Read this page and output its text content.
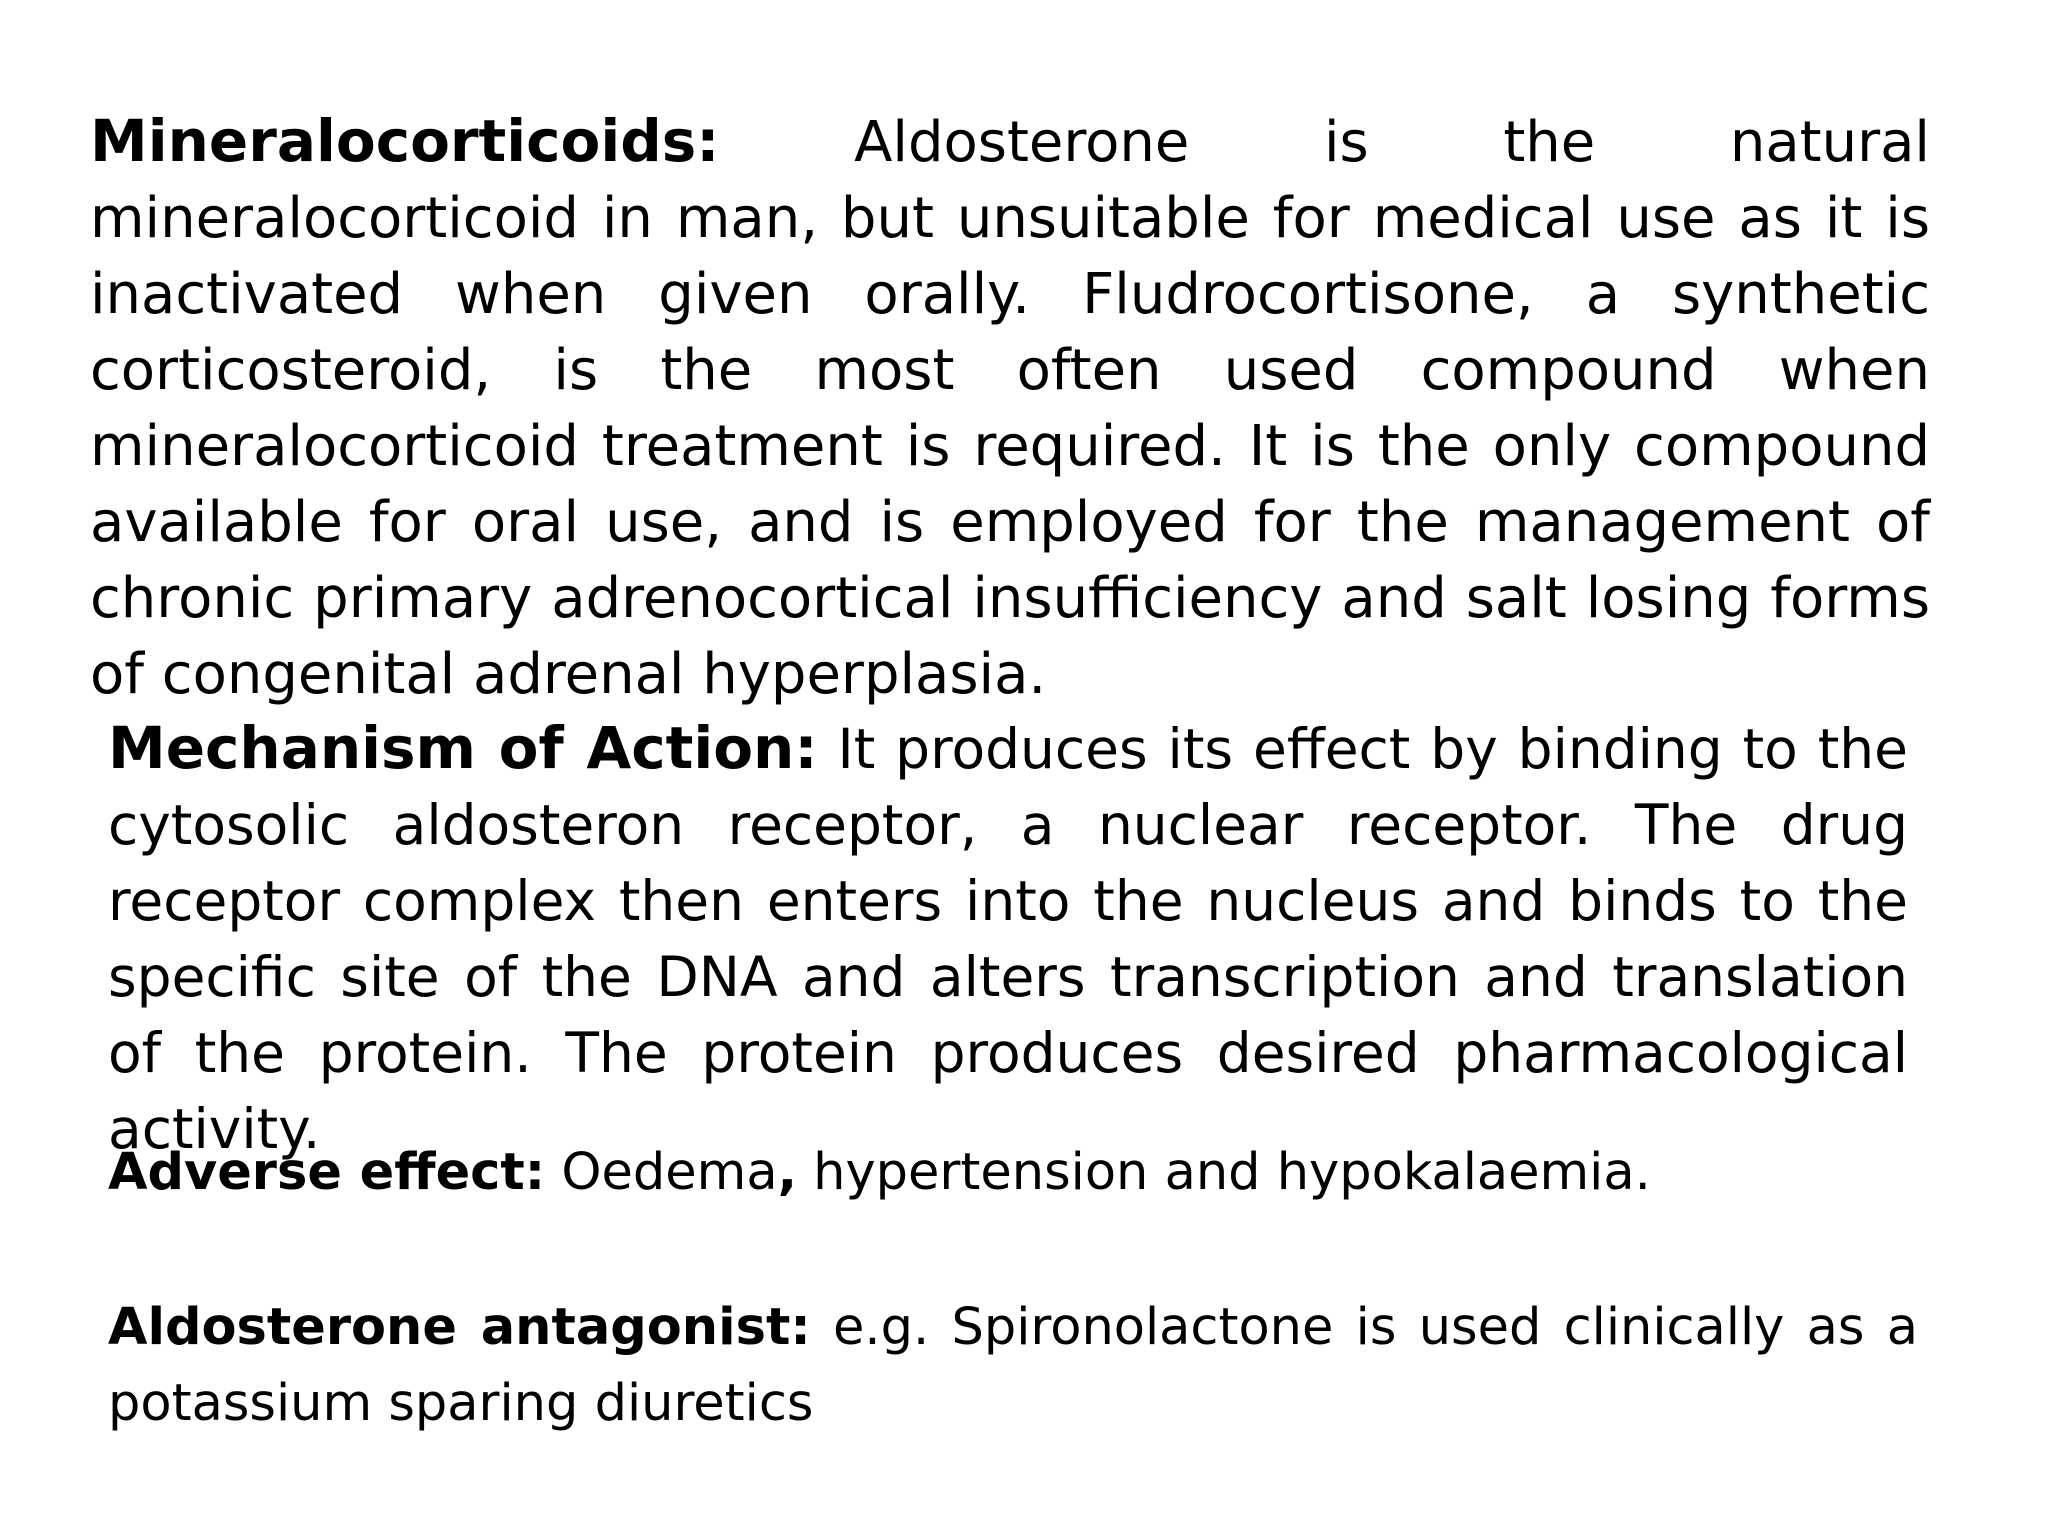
Mineralocorticoids: Aldosterone is the natural mineralocorticoid in man, but unsuitable for medical use as it is inactivated when given orally. Fludrocortisone, a synthetic corticosteroid, is the most often used compound when mineralocorticoid treatment is required. It is the only compound available for oral use, and is employed for the management of chronic primary adrenocortical insufficiency and salt losing forms of congenital adrenal hyperplasia.

Mechanism of Action: It produces its effect by binding to the cytosolic aldosteron receptor, a nuclear receptor. The drug receptor complex then enters into the nucleus and binds to the specific site of the DNA and alters transcription and translation of the protein. The protein produces desired pharmacological activity.

Adverse effect: Oedema, hypertension and hypokalaemia.

Aldosterone antagonist: e.g. Spironolactone is used clinically as a potassium sparing diuretics
